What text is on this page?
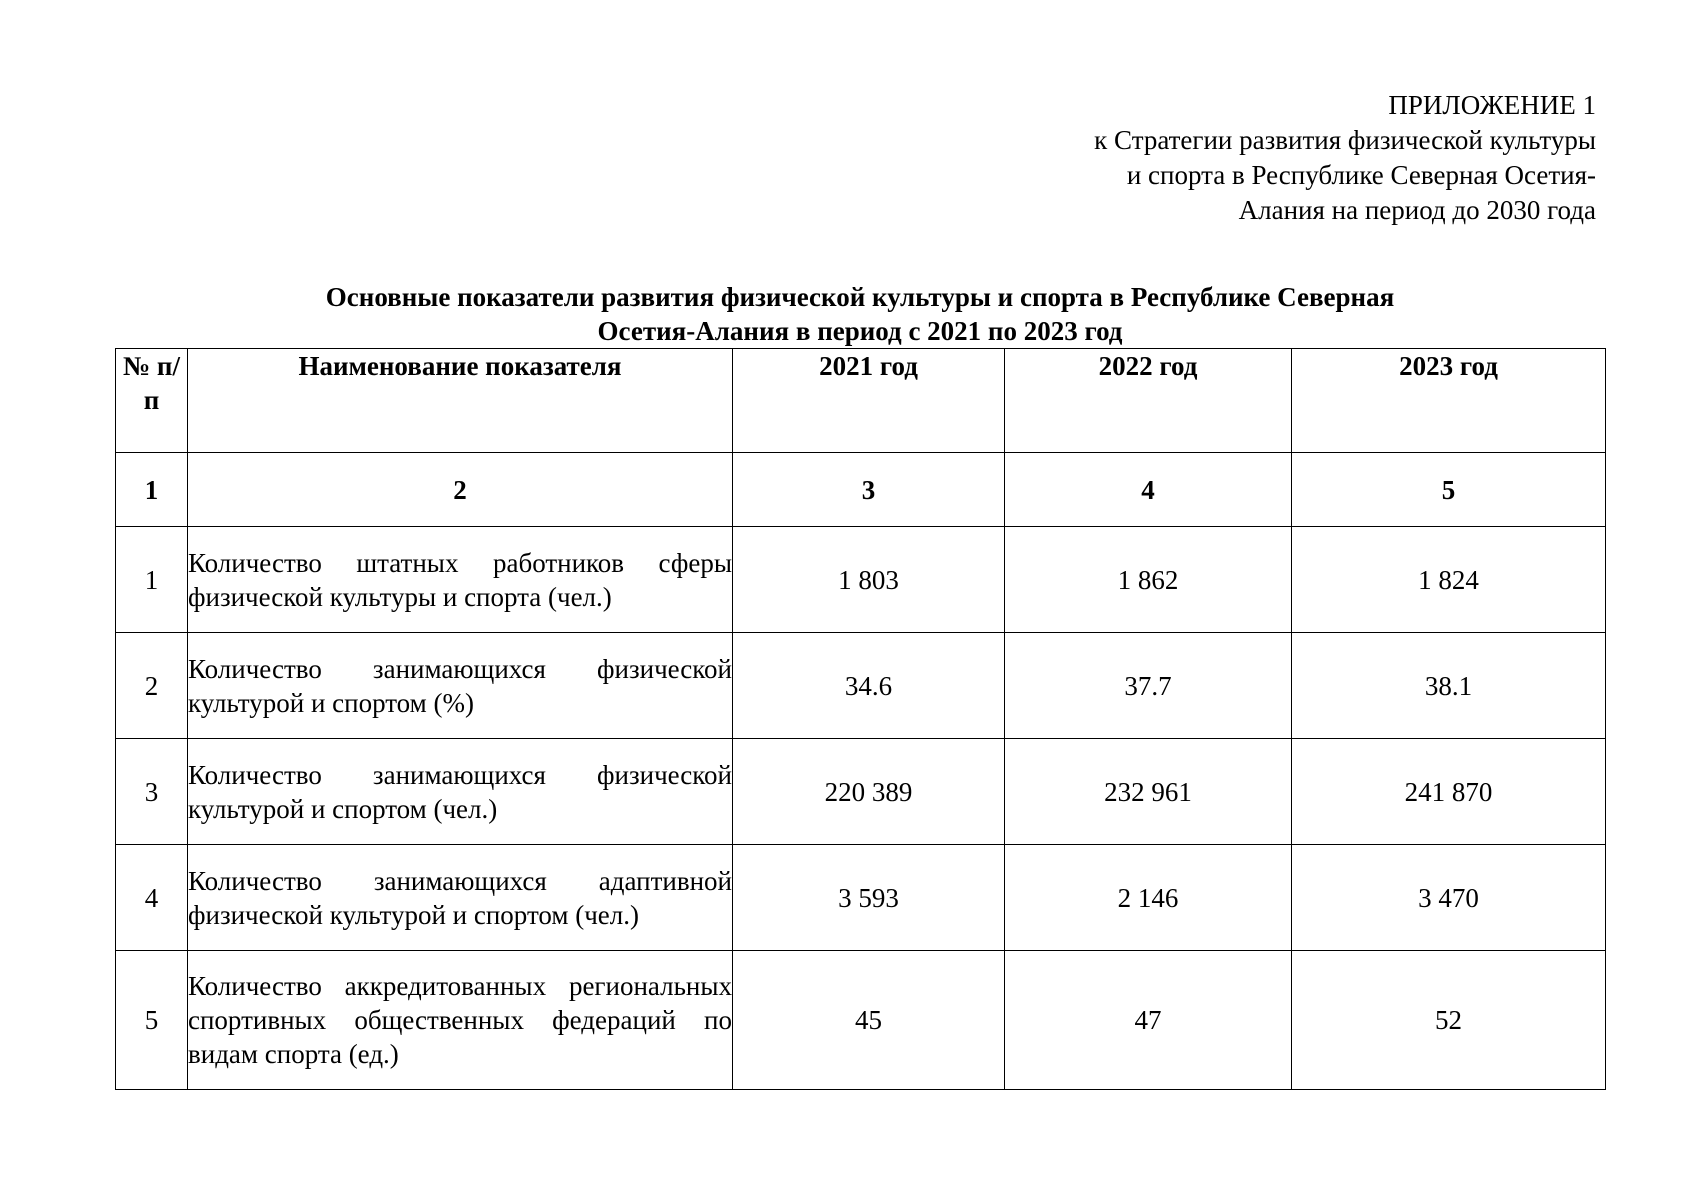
ПРИЛОЖЕНИЕ 1
к Стратегии развития физической культуры
и спорта в Республике Северная Осетия-
Алания на период до 2030 года
Основные показатели развития физической культуры и спорта в Республике Северная
Осетия-Алания в период с 2021 по 2023 год
№ п/п	Наименование показателя	2021 год	2022 год	2023 год
1	2	3	4	5
1	Количество штатных работников сферы физической культуры и спорта (чел.)	1 803	1 862	1 824
2	Количество занимающихся физической культурой и спортом (%)	34.6	37.7	38.1
3	Количество занимающихся физической культурой и спортом (чел.)	220 389	232 961	241 870
4	Количество занимающихся адаптивной физической культурой и спортом (чел.)	3 593	2 146	3 470
5	Количество аккредитованных региональных спортивных общественных федераций по видам спорта (ед.)	45	47	52
